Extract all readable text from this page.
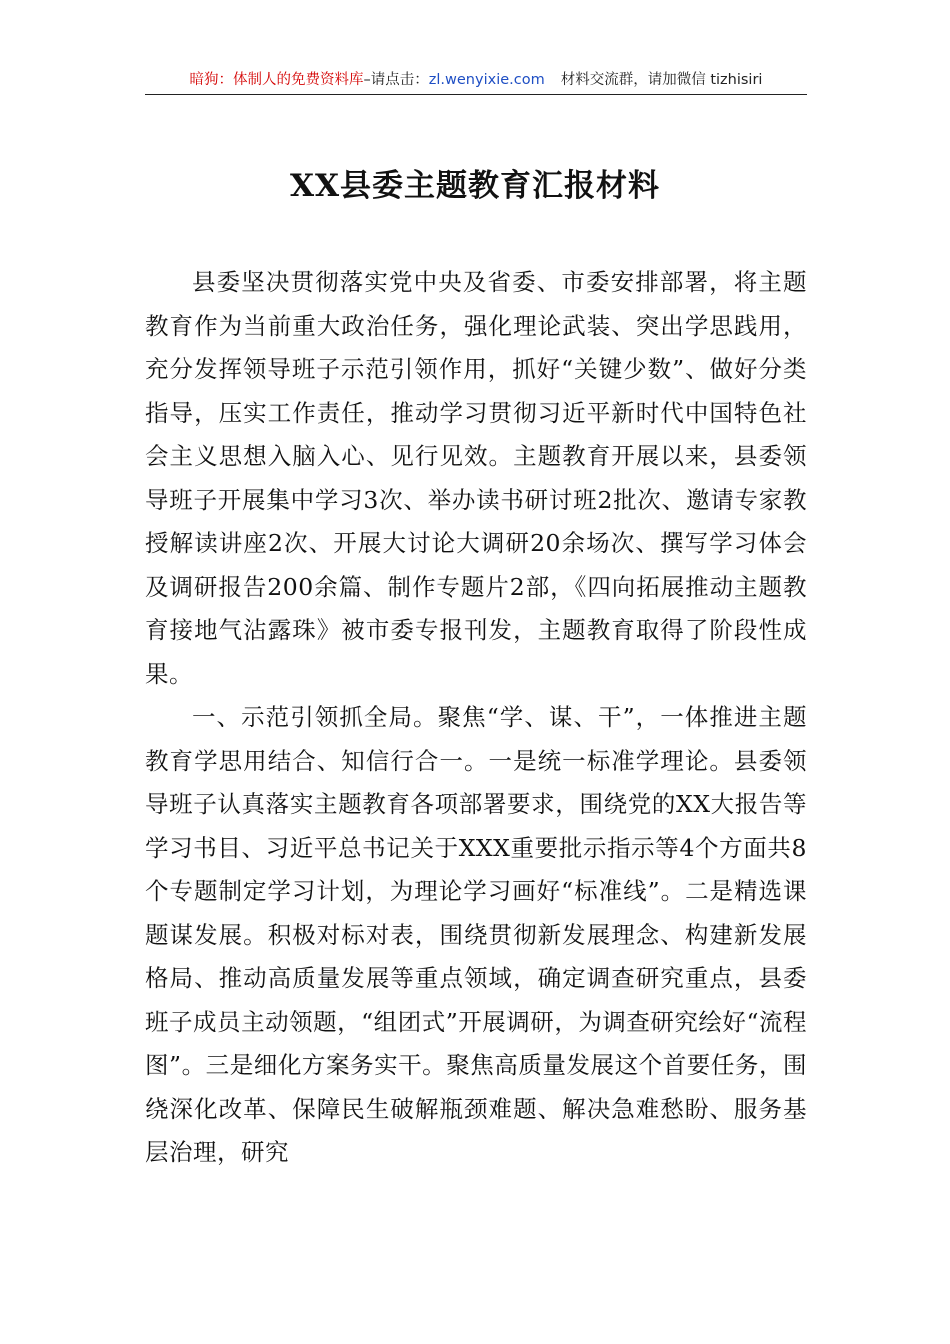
暗狗：体制人的免费资料库–请点击：zl.wenyixie.com 材料交流群，请加微信 tizhisiri
XX县委主题教育汇报材料

县委坚决贯彻落实党中央及省委、市委安排部署，将主题教育作为当前重大政治任务，强化理论武装、突出学思践用，充分发挥领导班子示范引领作用，抓好“关键少数”、做好分类指导，压实工作责任，推动学习贯彻习近平新时代中国特色社会主义思想入脑入心、见行见效。主题教育开展以来，县委领导班子开展集中学习3次、举办读书研讨班2批次、邀请专家教授解读讲座2次、开展大讨论大调研20余场次、撰写学习体会及调研报告200余篇、制作专题片2部，《四向拓展推动主题教育接地气沾露珠》被市委专报刊发，主题教育取得了阶段性成果。

一、示范引领抓全局。聚焦“学、谋、干”，一体推进主题教育学思用结合、知信行合一。一是统一标准学理论。县委领导班子认真落实主题教育各项部署要求，围绕党的XX大报告等学习书目、习近平总书记关于XXX重要批示指示等4个方面共8个专题制定学习计划，为理论学习画好“标准线”。二是精选课题谋发展。积极对标对表，围绕贯彻新发展理念、构建新发展格局、推动高质量发展等重点领域，确定调查研究重点，县委班子成员主动领题，“组团式”开展调研，为调查研究绘好“流程图”。三是细化方案务实干。聚焦高质量发展这个首要任务，围绕深化改革、保障民生破解瓶颈难题、解决急难愁盼、服务基层治理，研究
